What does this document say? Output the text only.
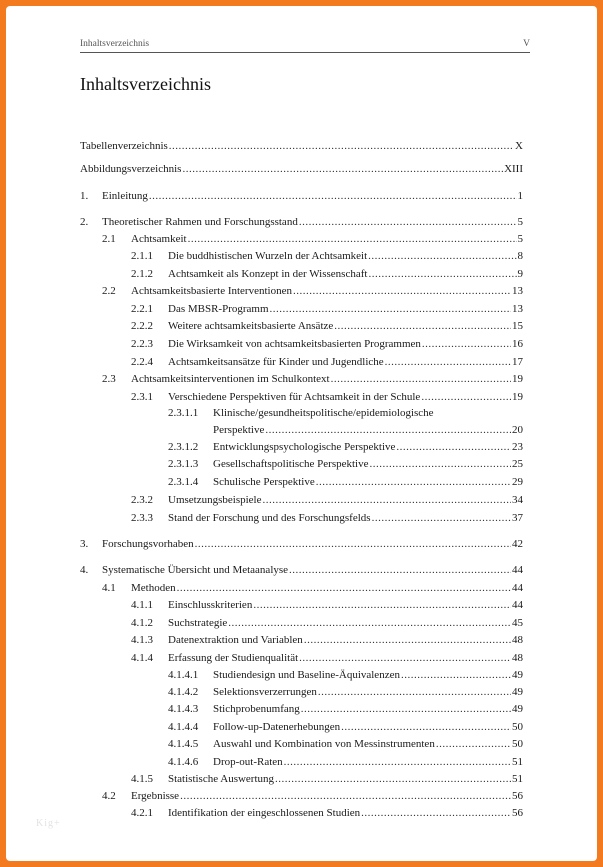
Inhaltsverzeichnis	V
Inhaltsverzeichnis
Tabellenverzeichnis .....	X
Abbildungsverzeichnis .....	XIII
1. Einleitung .....	1
2. Theoretischer Rahmen und Forschungsstand .....	5
2.1 Achtsamkeit .....	5
2.1.1 Die buddhistischen Wurzeln der Achtsamkeit .....	8
2.1.2 Achtsamkeit als Konzept in der Wissenschaft .....	9
2.2 Achtsamkeitsbasierte Interventionen .....	13
2.2.1 Das MBSR-Programm .....	13
2.2.2 Weitere achtsamkeitsbasierte Ansätze .....	15
2.2.3 Die Wirksamkeit von achtsamkeitsbasierten Programmen .....	16
2.2.4 Achtsamkeitsansätze für Kinder und Jugendliche .....	17
2.3 Achtsamkeitsinterventionen im Schulkontext .....	19
2.3.1 Verschiedene Perspektiven für Achtsamkeit in der Schule .....	19
2.3.1.1 Klinische/gesundheitspolitische/epidemiologische
Perspektive .....	20
2.3.1.2 Entwicklungspsychologische Perspektive .....	23
2.3.1.3 Gesellschaftspolitische Perspektive .....	25
2.3.1.4 Schulische Perspektive .....	29
2.3.2 Umsetzungsbeispiele .....	34
2.3.3 Stand der Forschung und des Forschungsfelds .....	37
3. Forschungsvorhaben .....	42
4. Systematische Übersicht und Metaanalyse .....	44
4.1 Methoden .....	44
4.1.1 Einschlusskriterien .....	44
4.1.2 Suchstrategie .....	45
4.1.3 Datenextraktion und Variablen .....	48
4.1.4 Erfassung der Studienqualität .....	48
4.1.4.1 Studiendesign und Baseline-Äquivalenzen .....	49
4.1.4.2 Selektionsverzerrungen .....	49
4.1.4.3 Stichprobenumfang .....	49
4.1.4.4 Follow-up-Datenerhebungen .....	50
4.1.4.5 Auswahl und Kombination von Messinstrumenten .....	50
4.1.4.6 Drop-out-Raten .....	51
4.1.5 Statistische Auswertung .....	51
4.2 Ergebnisse .....	56
4.2.1 Identifikation der eingeschlossenen Studien .....	56
Kig+
